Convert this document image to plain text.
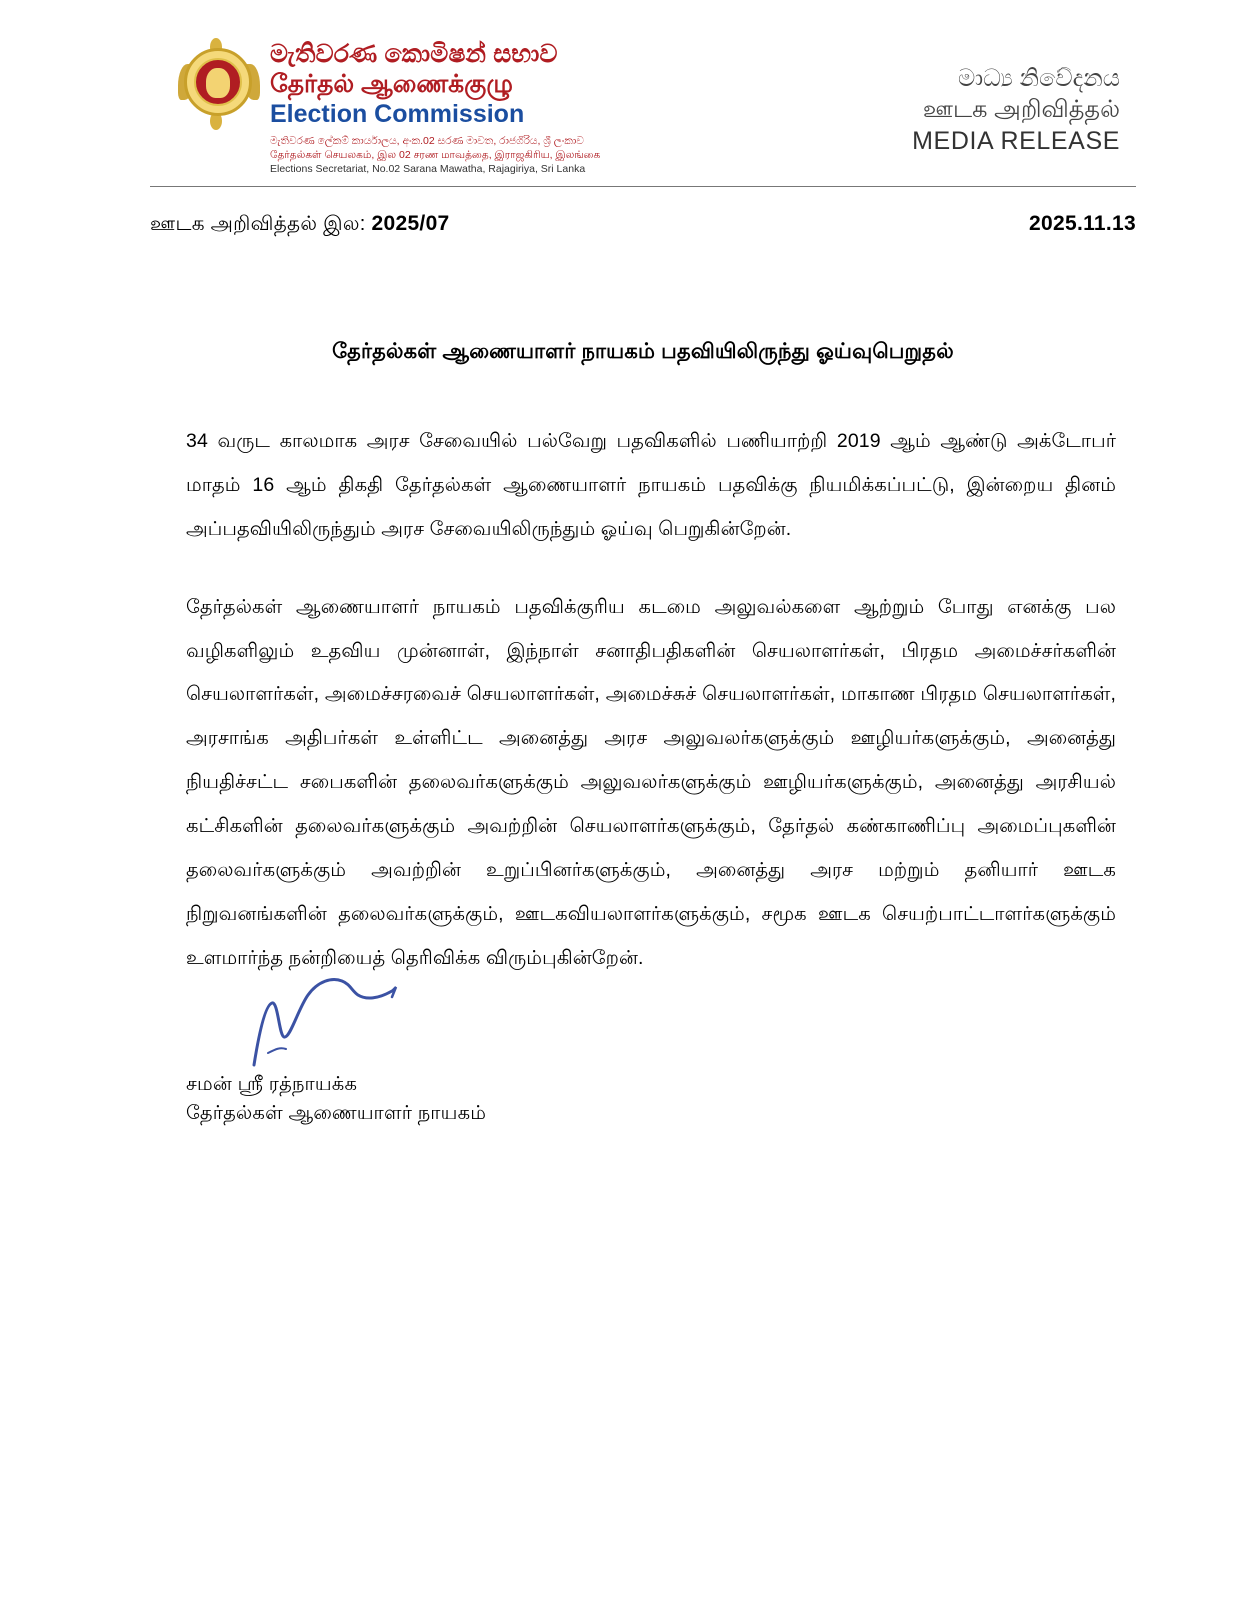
මැතිවරණ කොමිෂන් සභාව
தேர்தல் ஆணைக்குழு
Election Commission
මැතිවරණ ලේකම් කාර්යාලය, අංක.02 සරණ මාවත, රාජගිරිය, ශ්‍රී ලංකාව
தேர்தல்கள் செயலகம், இல 02 சரண மாவத்தை, இராஜகிரிய, இலங்கை
Elections Secretariat, No.02 Sarana Mawatha, Rajagiriya, Sri Lanka
මාධ්‍ය නිවේදනය
ஊடக அறிவித்தல்
MEDIA RELEASE
ஊடக அறிவித்தல் இல: 2025/07	2025.11.13
தேர்தல்கள் ஆணையாளர் நாயகம் பதவியிலிருந்து ஓய்வுபெறுதல்

34 வருட காலமாக அரச சேவையில் பல்வேறு பதவிகளில் பணியாற்றி 2019 ஆம் ஆண்டு அக்டோபர் மாதம் 16 ஆம் திகதி தேர்தல்கள் ஆணையாளர் நாயகம் பதவிக்கு நியமிக்கப்பட்டு, இன்றைய தினம் அப்பதவியிலிருந்தும் அரச சேவையிலிருந்தும் ஓய்வு பெறுகின்றேன்.

தேர்தல்கள் ஆணையாளர் நாயகம் பதவிக்குரிய கடமை அலுவல்களை ஆற்றும் போது எனக்கு பல வழிகளிலும் உதவிய முன்னாள், இந்நாள் சனாதிபதிகளின் செயலாளர்கள், பிரதம அமைச்சர்களின் செயலாளர்கள், அமைச்சரவைச் செயலாளர்கள், அமைச்சுச் செயலாளர்கள், மாகாண பிரதம செயலாளர்கள், அரசாங்க அதிபர்கள் உள்ளிட்ட அனைத்து அரச அலுவலர்களுக்கும் ஊழியர்களுக்கும், அனைத்து நியதிச்சட்ட சபைகளின் தலைவர்களுக்கும் அலுவலர்களுக்கும் ஊழியர்களுக்கும், அனைத்து அரசியல் கட்சிகளின் தலைவர்களுக்கும் அவற்றின் செயலாளர்களுக்கும், தேர்தல் கண்காணிப்பு அமைப்புகளின் தலைவர்களுக்கும் அவற்றின் உறுப்பினர்களுக்கும், அனைத்து அரச மற்றும் தனியார் ஊடக நிறுவனங்களின் தலைவர்களுக்கும், ஊடகவியலாளர்களுக்கும், சமூக ஊடக செயற்பாட்டாளர்களுக்கும் உளமார்ந்த நன்றியைத் தெரிவிக்க விரும்புகின்றேன்.

சமன் ஸ்ரீ ரத்நாயக்க
தேர்தல்கள் ஆணையாளர் நாயகம்
